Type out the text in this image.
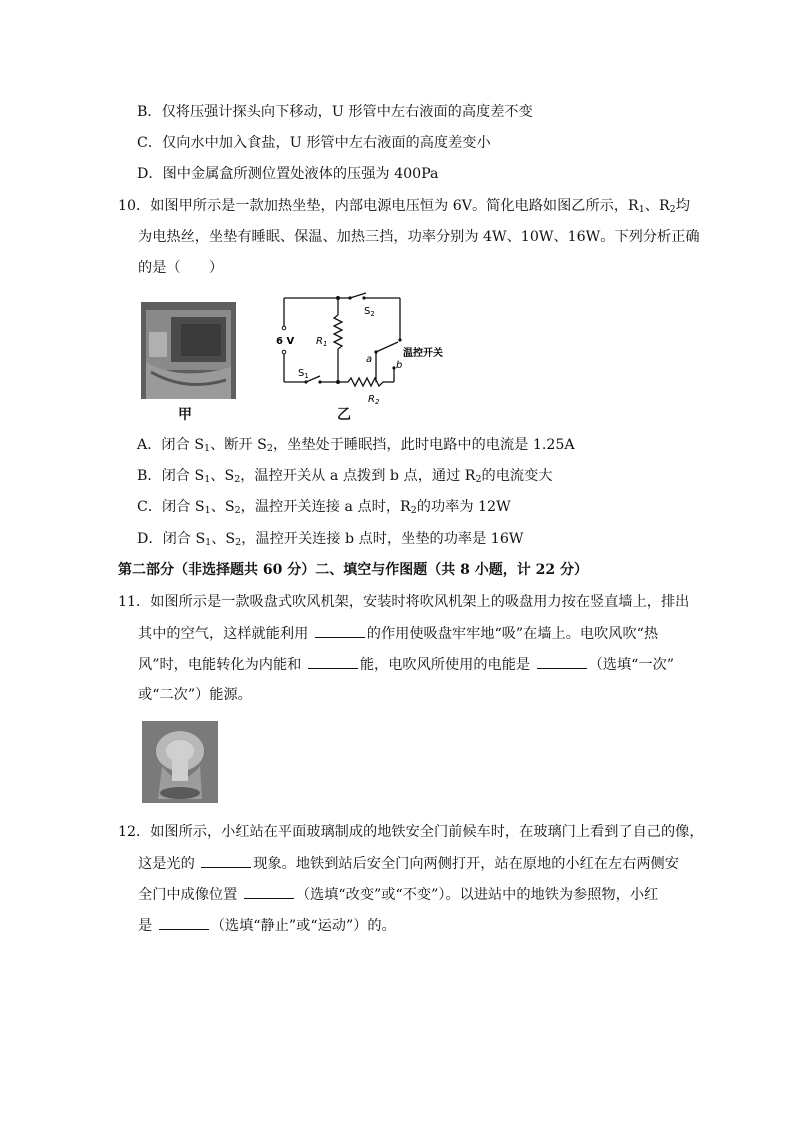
B．仅将压强计探头向下移动，U 形管中左右液面的高度差不变
C．仅向水中加入食盐，U 形管中左右液面的高度差变小
D．图中金属盒所测位置处液体的压强为 400Pa
10．如图甲所示是一款加热坐垫，内部电源电压恒为 6V。简化电路如图乙所示，$R_1$、$R_2$均
为电热丝，坐垫有睡眠、保温、加热三挡，功率分别为 4W、10W、16W。下列分析正确
的是（　　）
甲
6 V
$S_2$
$S_1$
$R_1$
$R_2$
a
b
温控开关
乙
A．闭合 $S_1$、断开 $S_2$，坐垫处于睡眠挡，此时电路中的电流是 1.25A
B．闭合 $S_1$、$S_2$，温控开关从 a 点拨到 b 点，通过 $R_2$的电流变大
C．闭合 $S_1$、$S_2$，温控开关连接 a 点时，$R_2$的功率为 12W
D．闭合 $S_1$、$S_2$，温控开关连接 b 点时，坐垫的功率是 16W
第二部分（非选择题共 60 分）二、填空与作图题（共 8 小题，计 22 分）
11．如图所示是一款吸盘式吹风机架，安装时将吹风机架上的吸盘用力按在竖直墙上，排出
其中的空气，这样就能利用	的作用使吸盘牢牢地“吸”在墙上。电吹风吹“热
风”时，电能转化为内能和	能，电吹风所使用的电能是	（选填“一次”
或“二次”）能源。
12．如图所示，小红站在平面玻璃制成的地铁安全门前候车时，在玻璃门上看到了自己的像，
这是光的	现象。地铁到站后安全门向两侧打开，站在原地的小红在左右两侧安
全门中成像位置	（选填“改变”或“不变”）。以进站中的地铁为参照物，小红
是	（选填“静止”或“运动”）的。
